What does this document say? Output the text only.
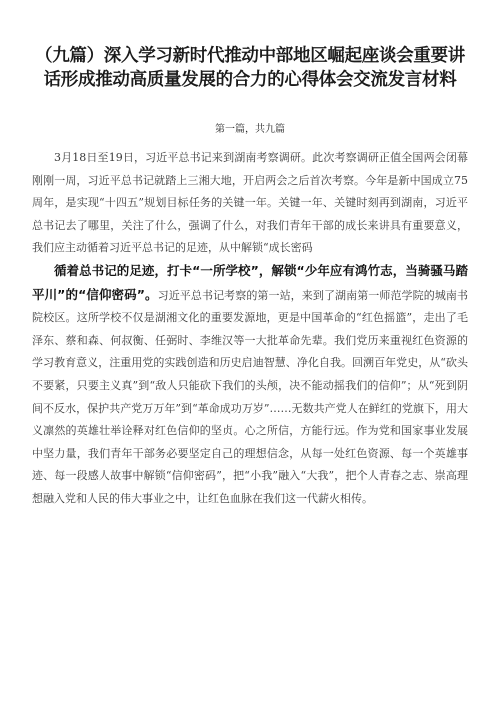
（九篇）深入学习新时代推动中部地区崛起座谈会重要讲话形成推动高质量发展的合力的心得体会交流发言材料
第一篇，共九篇

3月18日至19日，习近平总书记来到湖南考察调研。此次考察调研正值全国两会闭幕刚刚一周，习近平总书记就踏上三湘大地，开启两会之后首次考察。今年是新中国成立75周年，是实现“十四五”规划目标任务的关键一年。关键一年、关键时刻再到湖南，习近平总书记去了哪里，关注了什么，强调了什么，对我们青年干部的成长来讲具有重要意义，我们应主动循着习近平总书记的足迹，从中解锁“成长密码

循着总书记的足迹，打卡“一所学校”，解锁“少年应有鸿竹志，当骑骚马踏平川”的“信仰密码”。习近平总书记考察的第一站，来到了湖南第一师范学院的城南书院校区。这所学校不仅是湖湘文化的重要发源地，更是中国革命的“红色摇篮”，走出了毛泽东、蔡和森、何叔衡、任弼时、李维汉等一大批革命先辈。我们党历来重视红色资源的学习教育意义，注重用党的实践创造和历史启迪智慧、净化自我。回溯百年党史，从“砍头不要紧，只要主义真”到“敌人只能砍下我们的头颅，决不能动摇我们的信仰”；从“死到阴间不反水，保护共产党万万年”到“革命成功万岁”……无数共产党人在鲜红的党旗下，用大义凛然的英雄壮举诠释对红色信仰的坚贞。心之所信，方能行远。作为党和国家事业发展中坚力量，我们青年干部务必要坚定自己的理想信念，从每一处红色资源、每一个英雄事迹、每一段感人故事中解锁“信仰密码”，把“小我”融入“大我”，把个人青春之志、崇高理想融入党和人民的伟大事业之中，让红色血脉在我们这一代薪火相传。
